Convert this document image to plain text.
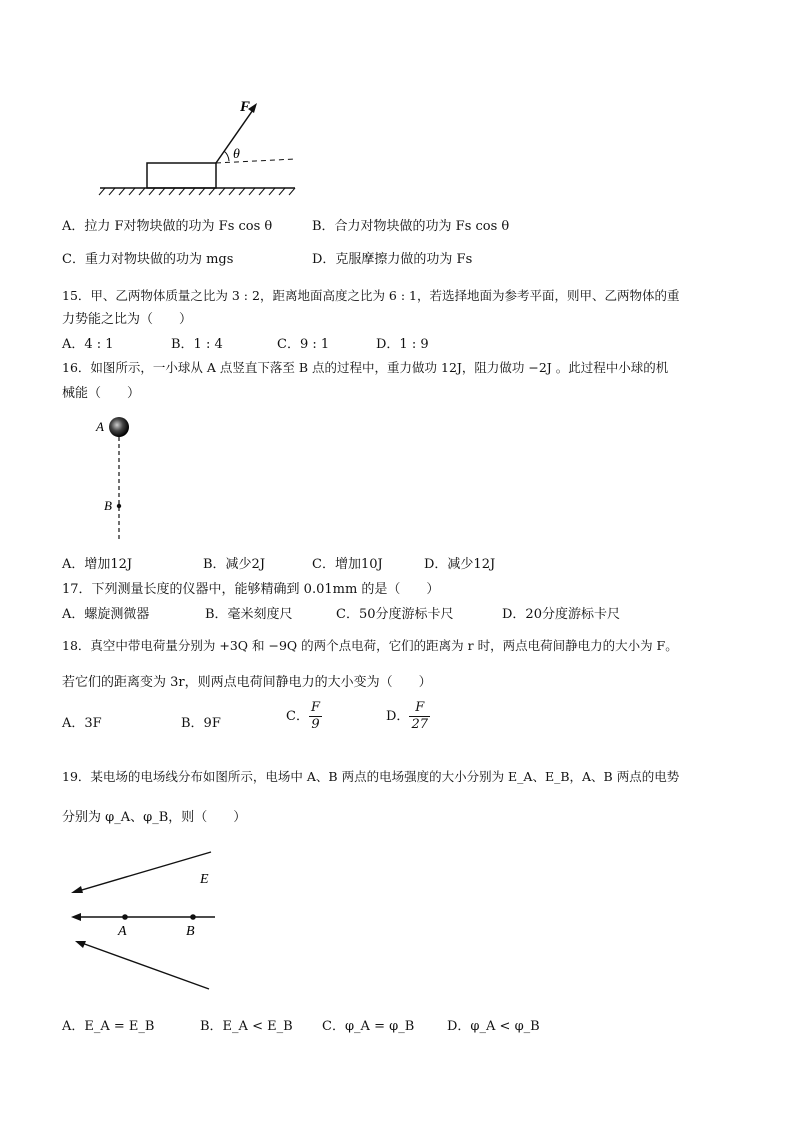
F
θ
A．拉力 F对物块做的功为 Fs cos θ	B．合力对物块做的功为 Fs cos θ
C．重力对物块做的功为 mgs	D．克服摩擦力做的功为 Fs
15．甲、乙两物体质量之比为 3 : 2，距离地面高度之比为 6 : 1，若选择地面为参考平面，则甲、乙两物体的重
力势能之比为（　　）
A．4 : 1	B．1 : 4	C．9 : 1	D．1 : 9
16．如图所示，一小球从 A 点竖直下落至 B 点的过程中，重力做功 12J，阻力做功 −2J 。此过程中小球的机
械能（　　）
A
B
A．增加12J	B．减少2J	C．增加10J	D．减少12J
17．下列测量长度的仪器中，能够精确到 0.01mm 的是（　　）
A．螺旋测微器	B．毫米刻度尺	C．50分度游标卡尺	D．20分度游标卡尺
18．真空中带电荷量分别为 +3Q 和 −9Q 的两个点电荷，它们的距离为 r 时，两点电荷间静电力的大小为 F。
若它们的距离变为 3r，则两点电荷间静电力的大小变为（　　）
A．3F	B．9F	C． $\frac{F}{9}$	D． $\frac{F}{27}$
19．某电场的电场线分布如图所示，电场中 A、B 两点的电场强度的大小分别为 E_A、E_B，A、B 两点的电势
分别为 φ_A、φ_B，则（　　）
E
A	B
A．E_A = E_B	B．E_A < E_B C．φ_A = φ_B	D．φ_A < φ_B
